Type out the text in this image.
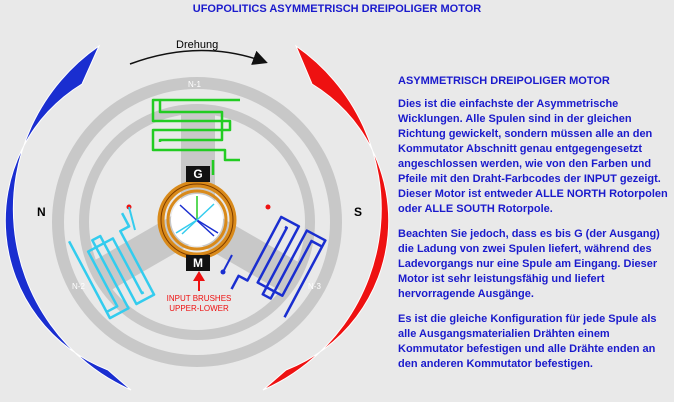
UFOPOLITICS ASYMMETRISCH DREIPOLIGER MOTOR
N	S
Drehung
N-1
N-2	N-3
G
M
INPUT BRUSHES
UPPER-LOWER
ASYMMETRISCH DREIPOLIGER MOTOR

Dies ist die einfachste der Asymmetrische Wicklungen. Alle Spulen sind in der gleichen Richtung gewickelt, sondern müssen alle an den Kommutator Abschnitt genau entgegengesetzt angeschlossen werden, wie von den Farben und Pfeile mit den Draht-Farbcodes der INPUT gezeigt. Dieser Motor ist entweder ALLE NORTH Rotorpolen oder ALLE SOUTH Rotorpole.

Beachten Sie jedoch, dass es bis G (der Ausgang) die Ladung von zwei Spulen liefert, während des Ladevorgangs nur eine Spule am Eingang. Dieser Motor ist sehr leistungsfähig und liefert hervorragende Ausgänge.

Es ist die gleiche Konfiguration für jede Spule als alle Ausgangsmaterialien Drähten einem Kommutator befestigen und alle Drähte enden an den anderen Kommutator befestigen.
